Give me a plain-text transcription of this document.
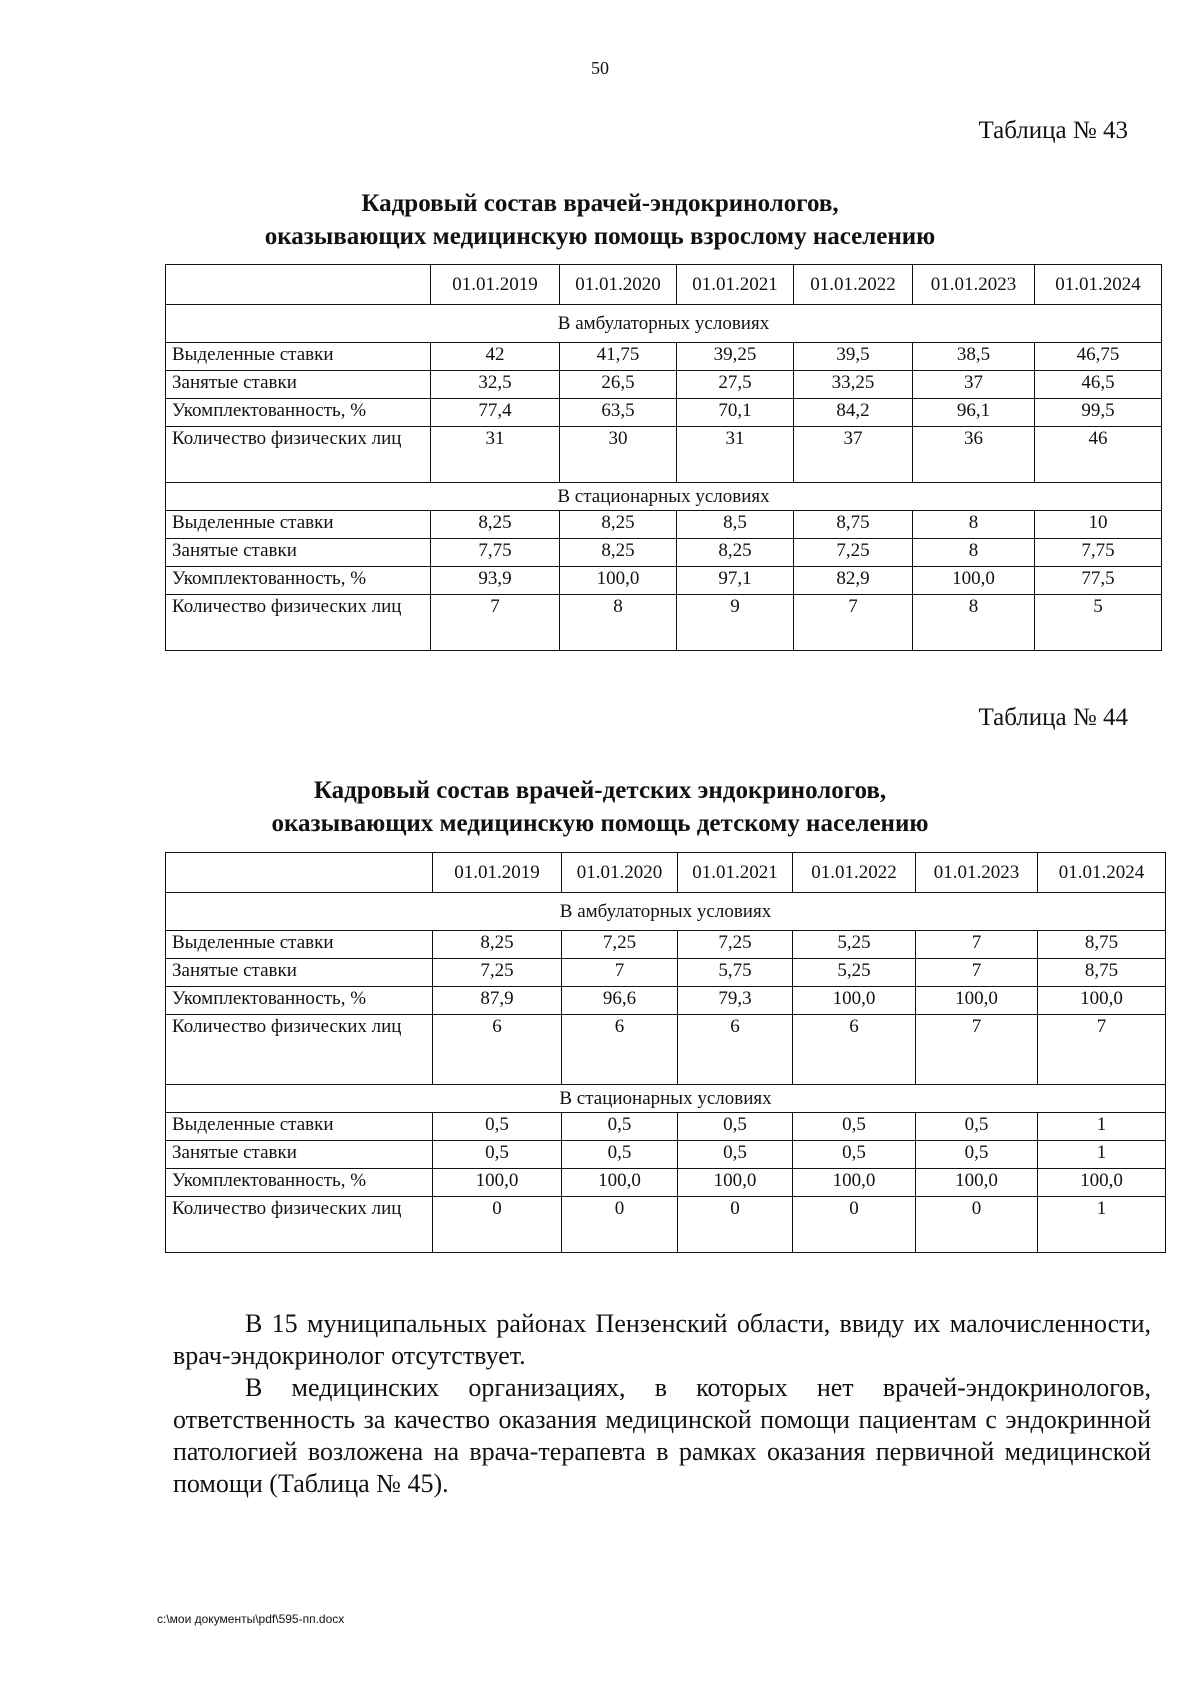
50
Таблица № 43
Кадровый состав врачей-эндокринологов,
оказывающих медицинскую помощь взрослому населению
	01.01.2019	01.01.2020	01.01.2021	01.01.2022	01.01.2023	01.01.2024
В амбулаторных условиях						
Выделенные ставки	42	41,75	39,25	39,5	38,5	46,75
Занятые ставки	32,5	26,5	27,5	33,25	37	46,5
Укомплектованность, %	77,4	63,5	70,1	84,2	96,1	99,5
Количество физических лиц	31	30	31	37	36	46
В стационарных условиях						
Выделенные ставки	8,25	8,25	8,5	8,75	8	10
Занятые ставки	7,75	8,25	8,25	7,25	8	7,75
Укомплектованность, %	93,9	100,0	97,1	82,9	100,0	77,5
Количество физических лиц	7	8	9	7	8	5
Таблица № 44
Кадровый состав врачей-детских эндокринологов,
оказывающих медицинскую помощь детскому населению
	01.01.2019	01.01.2020	01.01.2021	01.01.2022	01.01.2023	01.01.2024
В амбулаторных условиях						
Выделенные ставки	8,25	7,25	7,25	5,25	7	8,75
Занятые ставки	7,25	7	5,75	5,25	7	8,75
Укомплектованность, %	87,9	96,6	79,3	100,0	100,0	100,0
Количество физических лиц	6	6	6	6	7	7
В стационарных условиях						
Выделенные ставки	0,5	0,5	0,5	0,5	0,5	1
Занятые ставки	0,5	0,5	0,5	0,5	0,5	1
Укомплектованность, %	100,0	100,0	100,0	100,0	100,0	100,0
Количество физических лиц	0	0	0	0	0	1

В 15 муниципальных районах Пензенский области, ввиду их малочисленности, врач-эндокринолог отсутствует.

В медицинских организациях, в которых нет врачей-эндокринологов, ответственность за качество оказания медицинской помощи пациентам с эндокринной патологией возложена на врача-терапевта в рамках оказания первичной медицинской помощи (Таблица № 45).

c:\мои документы\pdf\595-пп.docx
